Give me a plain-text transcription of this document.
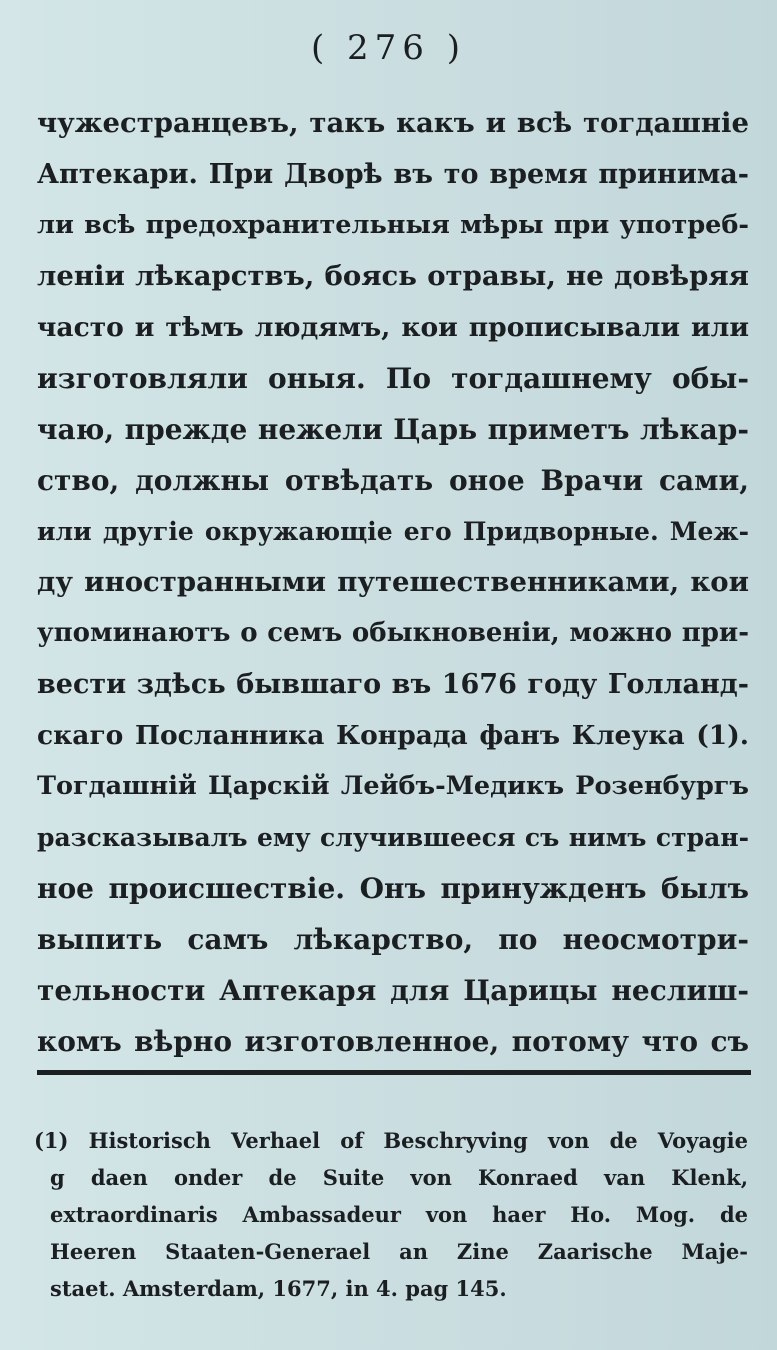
( 276 )
чужестранцевъ, такъ какъ и всѣ тогдашніе
Аптекари. При Дворѣ въ то время принима-
ли всѣ предохранительныя мѣры при употреб-
леніи лѣкарствъ, боясь отравы, не довѣряя
часто и тѣмъ людямъ, кои прописывали или
изготовляли оныя. По тогдашнему обы-
чаю, прежде нежели Царь приметъ лѣкар-
ство, должны отвѣдать оное Врачи сами,
или другіе окружающіе его Придворные. Меж-
ду иностранными путешественниками, кои
упоминаютъ о семъ обыкновеніи, можно при-
вести здѣсь бывшаго въ 1676 году Голланд-
скаго Посланника Конрада фанъ Клеука (1).
Тогдашній Царскій Лейбъ-Медикъ Розенбургъ
разсказывалъ ему случившееся съ нимъ стран-
ное происшествіе. Онъ принужденъ былъ
выпить самъ лѣкарство, по неосмотри-
тельности Аптекаря для Царицы неслиш-
комъ вѣрно изготовленное, потому что съ
(1) Historisch Verhael of Beschryving von de Voyagie
g daen onder de Suite von Konraed van Klenk,
extraordinaris Ambassadeur von haer Ho. Mog. de
Heeren Staaten-Generael an Zine Zaarische Maje-
staet. Amsterdam, 1677, in 4. pag 145.
